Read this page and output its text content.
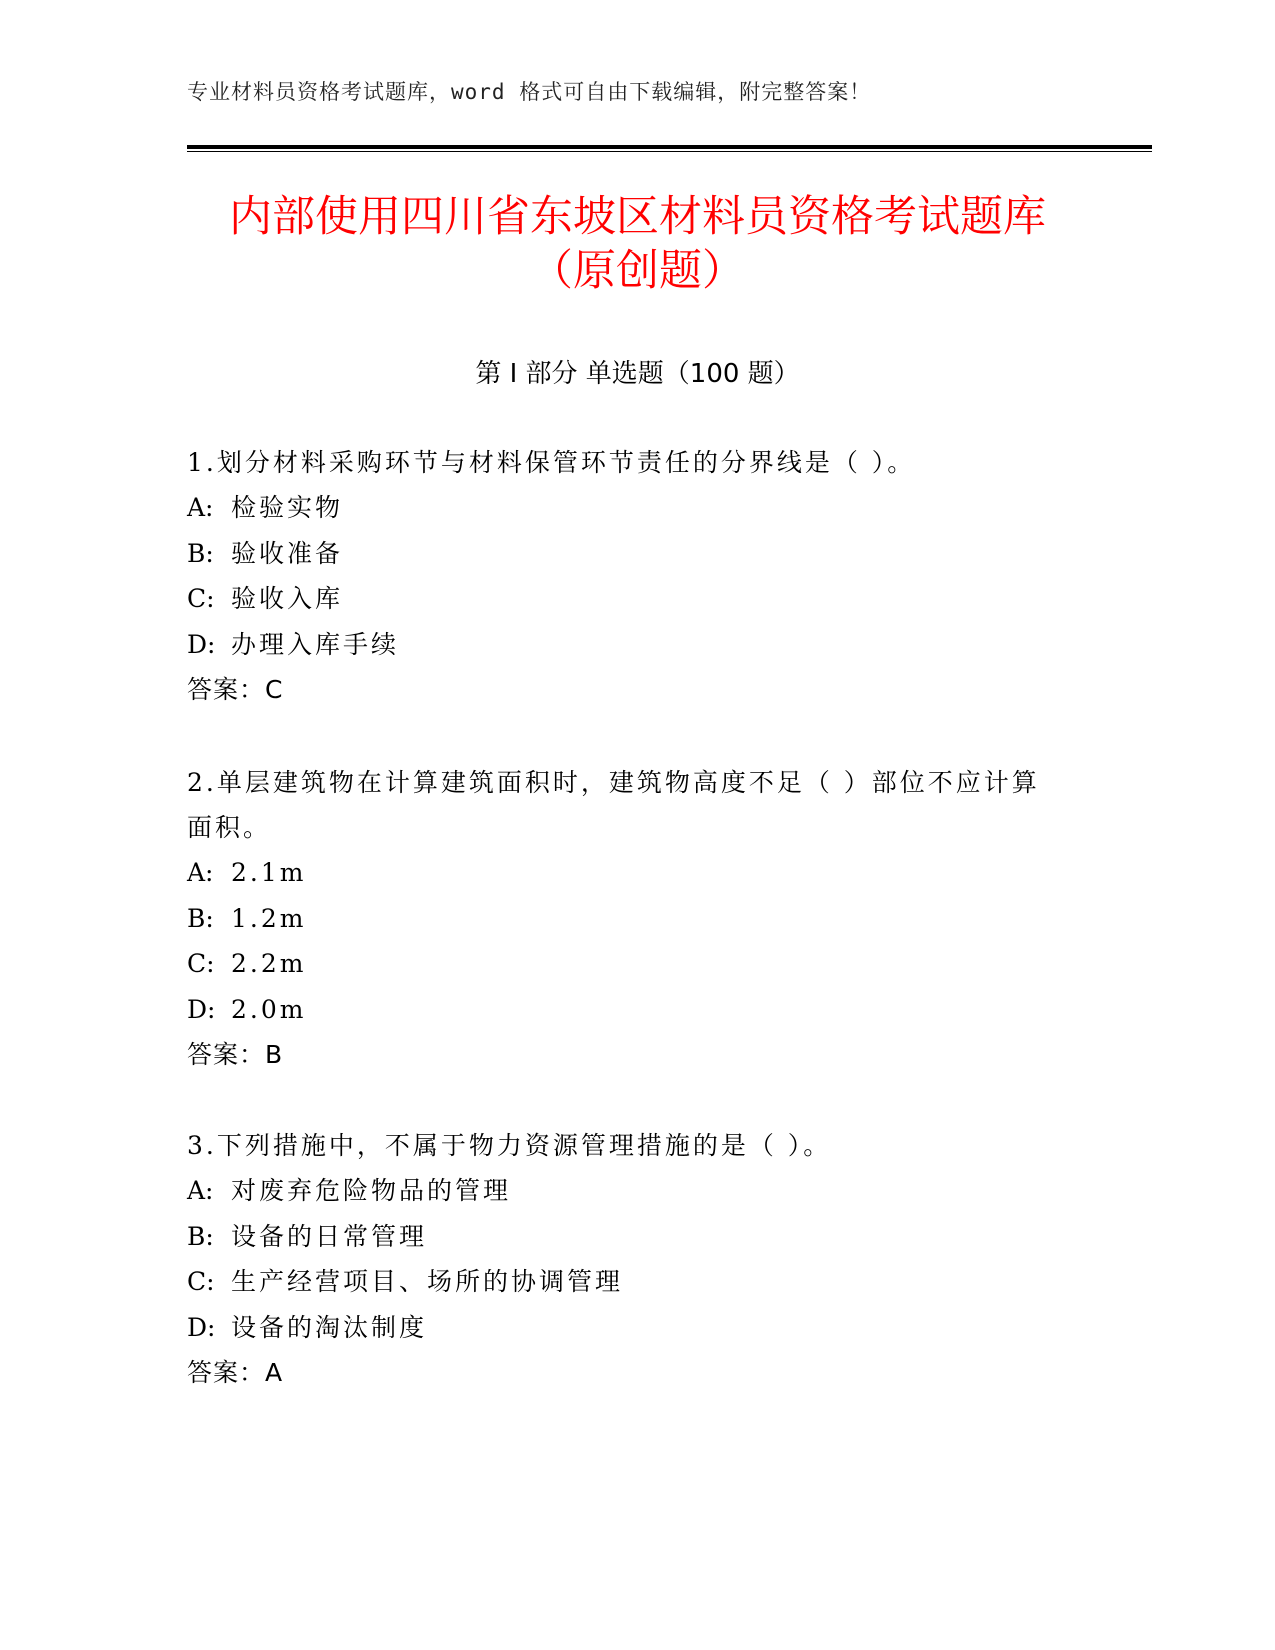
专业材料员资格考试题库，word 格式可自由下载编辑，附完整答案！
内部使用四川省东坡区材料员资格考试题库
（原创题）
第 I 部分 单选题（100 题）
1.划分材料采购环节与材料保管环节责任的分界线是（ ）。
A: 检验实物
B: 验收准备
C: 验收入库
D: 办理入库手续
答案：C
2.单层建筑物在计算建筑面积时，建筑物高度不足（ ）部位不应计算面积。
A: 2.1m
B: 1.2m
C: 2.2m
D: 2.0m
答案：B
3.下列措施中，不属于物力资源管理措施的是（ ）。
A: 对废弃危险物品的管理
B: 设备的日常管理
C: 生产经营项目、场所的协调管理
D: 设备的淘汰制度
答案：A
